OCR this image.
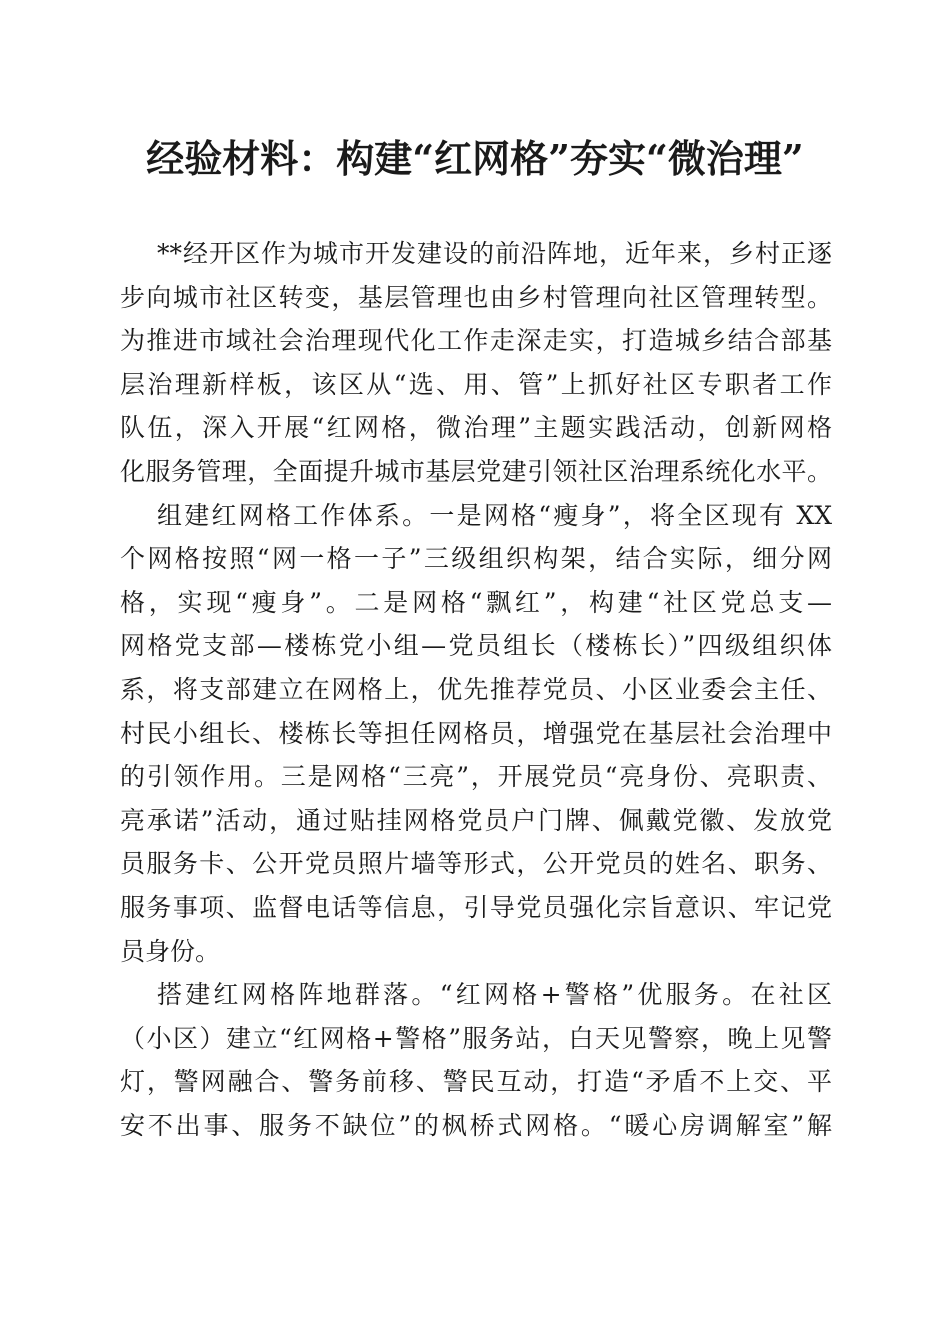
经验材料：构建“红网格”夯实“微治理”
**经开区作为城市开发建设的前沿阵地，近年来，乡村正逐
步向城市社区转变，基层管理也由乡村管理向社区管理转型。
为推进市域社会治理现代化工作走深走实，打造城乡结合部基
层治理新样板，该区从“选、用、管”上抓好社区专职者工作
队伍，深入开展“红网格，微治理”主题实践活动，创新网格
化服务管理，全面提升城市基层党建引领社区治理系统化水平。
组建红网格工作体系。一是网格“瘦身”，将全区现有 XX
个网格按照“网一格一子”三级组织构架，结合实际，细分网
格，实现“瘦身”。二是网格“飘红”，构建“社区党总支—
网格党支部—楼栋党小组—党员组长（楼栋长）”四级组织体
系，将支部建立在网格上，优先推荐党员、小区业委会主任、
村民小组长、楼栋长等担任网格员，增强党在基层社会治理中
的引领作用。三是网格“三亮”，开展党员“亮身份、亮职责、
亮承诺”活动，通过贴挂网格党员户门牌、佩戴党徽、发放党
员服务卡、公开党员照片墙等形式，公开党员的姓名、职务、
服务事项、监督电话等信息，引导党员强化宗旨意识、牢记党
员身份。
搭建红网格阵地群落。“红网格+警格”优服务。在社区
（小区）建立“红网格+警格”服务站，白天见警察，晚上见警
灯，警网融合、警务前移、警民互动，打造“矛盾不上交、平
安不出事、服务不缺位”的枫桥式网格。“暖心房调解室”解
